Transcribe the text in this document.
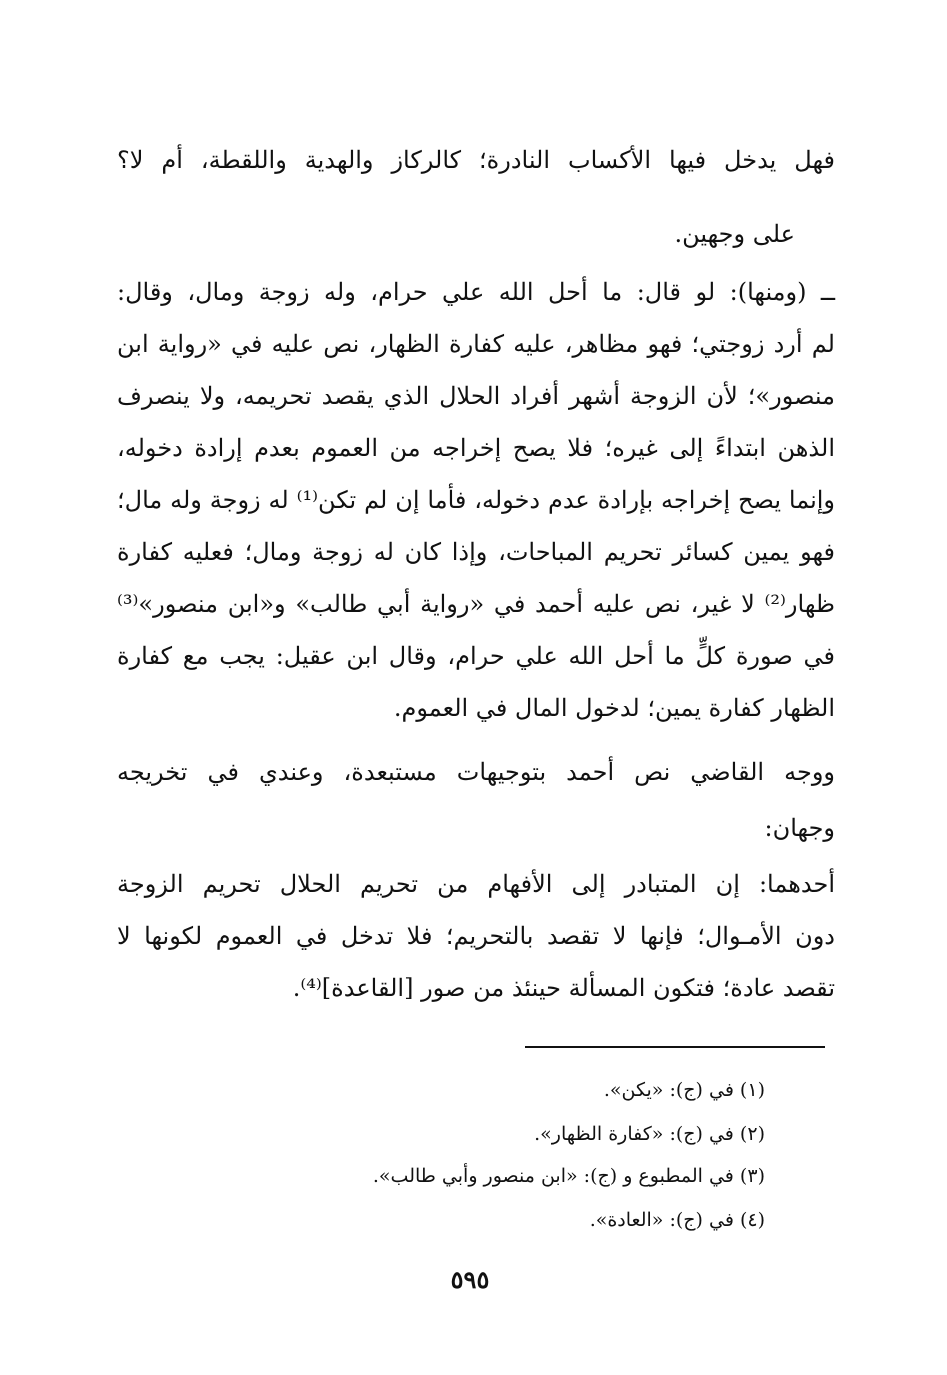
فهل يدخل فيها الأكساب النادرة؛ كالركاز والهدية واللقطة، أم لا؟
على وجهين.
ــ (ومنها): لو قال: ما أحل الله علي حرام، وله زوجة ومال، وقال:
لم أرد زوجتي؛ فهو مظاهر، عليه كفارة الظهار، نص عليه في «رواية ابن
منصور»؛ لأن الزوجة أشهر أفراد الحلال الذي يقصد تحريمه، ولا ينصرف
الذهن ابتداءً إلى غيره؛ فلا يصح إخراجه من العموم بعدم إرادة دخوله،
وإنما يصح إخراجه بإرادة عدم دخوله، فأما إن لم تكن⁽¹⁾ له زوجة وله مال؛
فهو يمين كسائر تحريم المباحات، وإذا كان له زوجة ومال؛ فعليه كفارة
ظهار⁽²⁾ لا غير، نص عليه أحمد في «رواية أبي طالب» و«ابن منصور»⁽³⁾
في صورة كلٍّ ما أحل الله علي حرام، وقال ابن عقيل: يجب مع كفارة
الظهار كفارة يمين؛ لدخول المال في العموم.
ووجه القاضي نص أحمد بتوجيهات مستبعدة، وعندي في تخريجه
وجهان:
أحدهما: إن المتبادر إلى الأفهام من تحريم الحلال تحريم الزوجة
دون الأمـوال؛ فإنها لا تقصد بالتحريم؛ فلا تدخل في العموم لكونها لا
تقصد عادة؛ فتكون المسألة حينئذ من صور [القاعدة]⁽⁴⁾.
(١) في (ج): «يكن».
(٢) في (ج): «كفارة الظهار».
(٣) في المطبوع و (ج): «ابن منصور وأبي طالب».
(٤) في (ج): «العادة».
٥٩٥
